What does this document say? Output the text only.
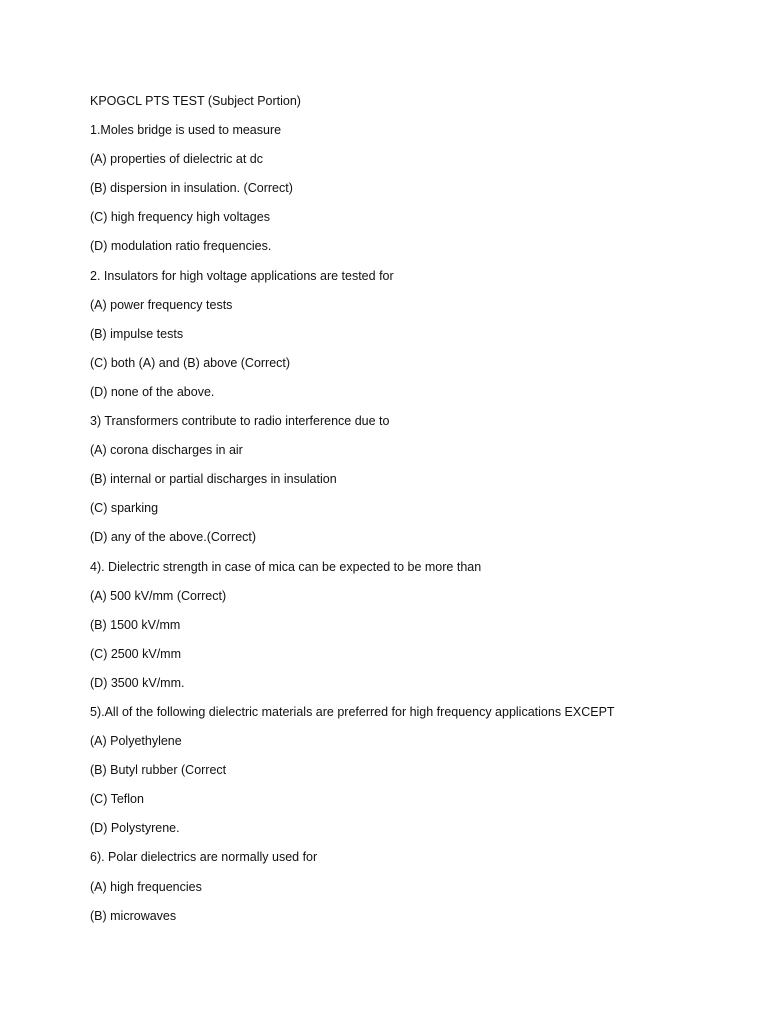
KPOGCL PTS TEST (Subject Portion)
1.Moles bridge is used to measure
(A) properties of dielectric at dc
(B) dispersion in insulation. (Correct)
(C) high frequency high voltages
(D) modulation ratio frequencies.
2. Insulators for high voltage applications are tested for
(A) power frequency tests
(B) impulse tests
(C) both (A) and (B) above (Correct)
(D) none of the above.
3) Transformers contribute to radio interference due to
(A) corona discharges in air
(B) internal or partial discharges in insulation
(C) sparking
(D) any of the above.(Correct)
4). Dielectric strength in case of mica can be expected to be more than
(A) 500 kV/mm (Correct)
(B) 1500 kV/mm
(C) 2500 kV/mm
(D) 3500 kV/mm.
5).All of the following dielectric materials are preferred for high frequency applications EXCEPT
(A) Polyethylene
(B) Butyl rubber (Correct
(C) Teflon
(D) Polystyrene.
6). Polar dielectrics are normally used for
(A) high frequencies
(B) microwaves
